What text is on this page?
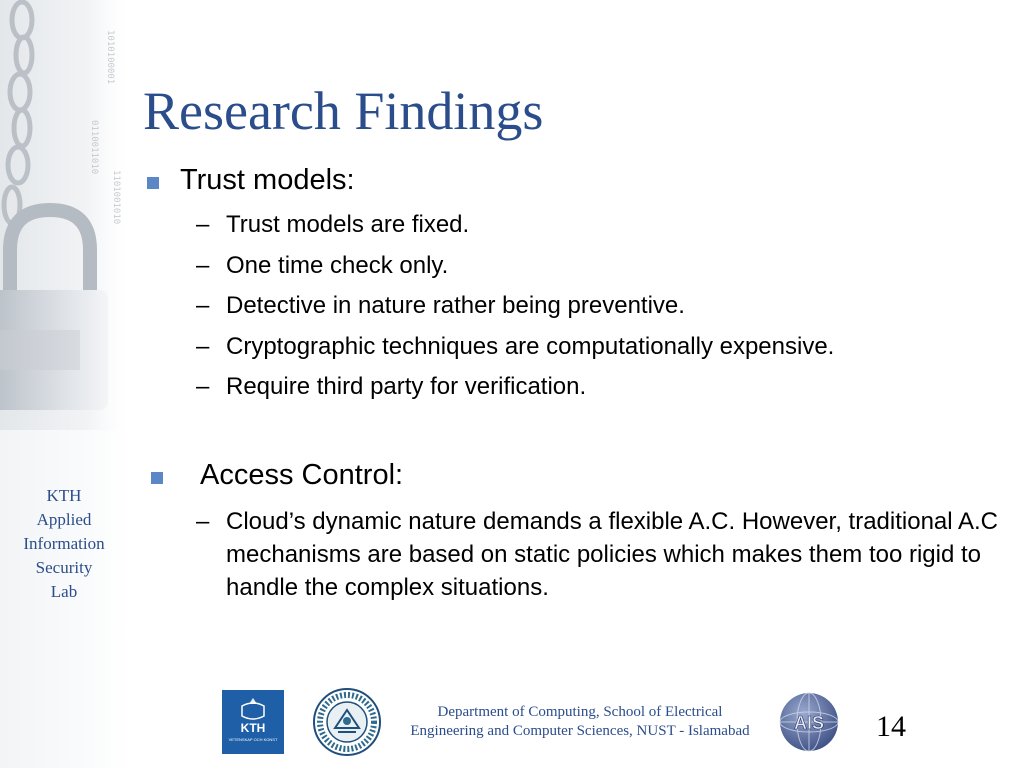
1010100001
0110011010
1101001010
KTH
Applied
Information
Security
Lab
Research Findings
Trust models:
– Trust models are fixed.
– One time check only.
– Detective in nature rather being preventive.
– Cryptographic techniques are computationally expensive.
– Require third party for verification.
Access Control:
– Cloud’s dynamic nature demands a flexible A.C. However, traditional A.C mechanisms are based on static policies which makes them too rigid to handle the complex situations.
KTH
VETENSKAP OCH KONST
Department of Computing, School of Electrical Engineering and Computer Sciences, NUST - Islamabad AIS 14
